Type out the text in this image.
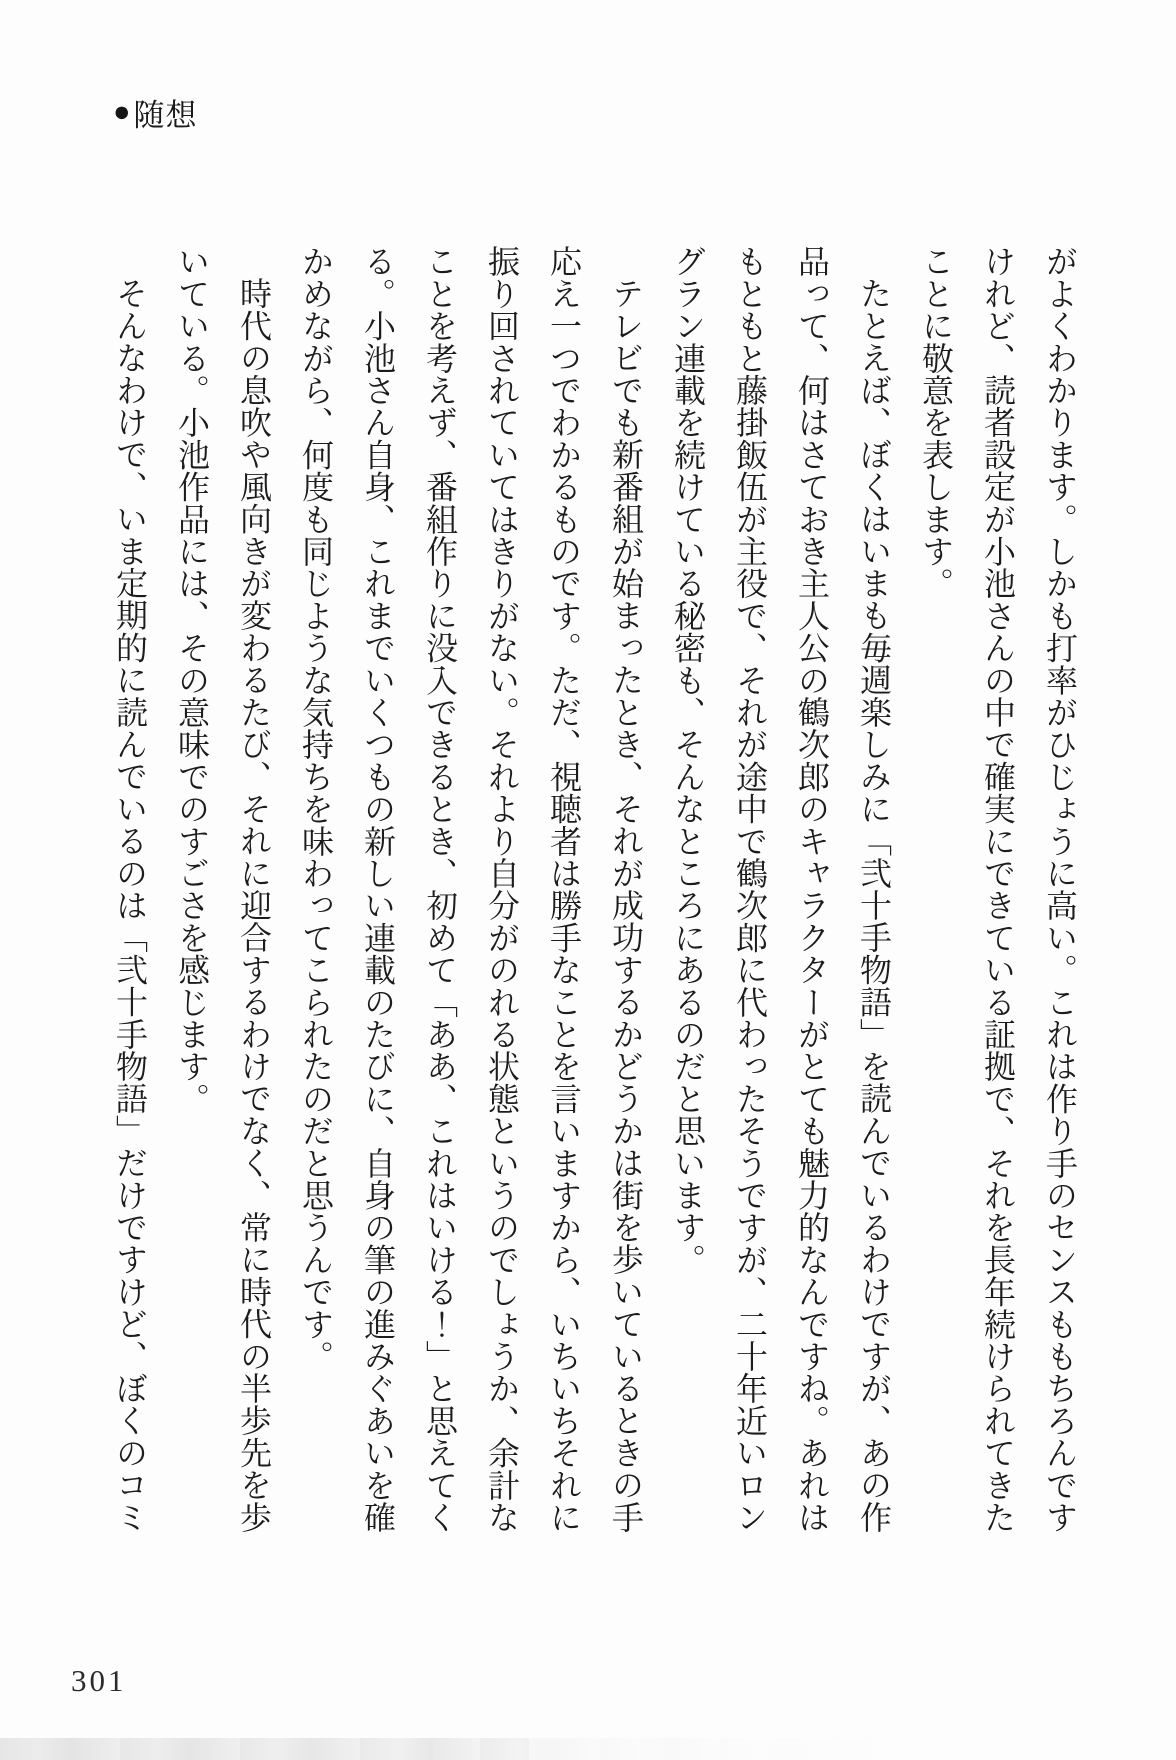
● 随想

がよくわかります。しかも打率がひじょうに高い。これは作り手のセンスももちろんですけれど、読者設定が小池さんの中で確実にできている証拠で、それを長年続けられてきたことに敬意を表します。

たとえば、ぼくはいまも毎週楽しみに「弐十手物語」を読んでいるわけですが、あの作品って、何はさておき主人公の鶴次郎のキャラクターがとても魅力的なんですね。あれはもともと藤掛飯伍が主役で、それが途中で鶴次郎に代わったそうですが、二十年近いロングラン連載を続けている秘密も、そんなところにあるのだと思います。

テレビでも新番組が始まったとき、それが成功するかどうかは街を歩いているときの手応え一つでわかるものです。ただ、視聴者は勝手なことを言いますから、いちいちそれに振り回されていてはきりがない。それより自分がのれる状態というのでしょうか、余計なことを考えず、番組作りに没入できるとき、初めて「ああ、これはいける！」と思えてくる。小池さん自身、これまでいくつもの新しい連載のたびに、自身の筆の進みぐあいを確かめながら、何度も同じような気持ちを味わってこられたのだと思うんです。

時代の息吹や風向きが変わるたび、それに迎合するわけでなく、常に時代の半歩先を歩いている。小池作品には、その意味でのすごさを感じます。

そんなわけで、いま定期的に読んでいるのは「弐十手物語」だけですけど、ぼくのコミ

301
